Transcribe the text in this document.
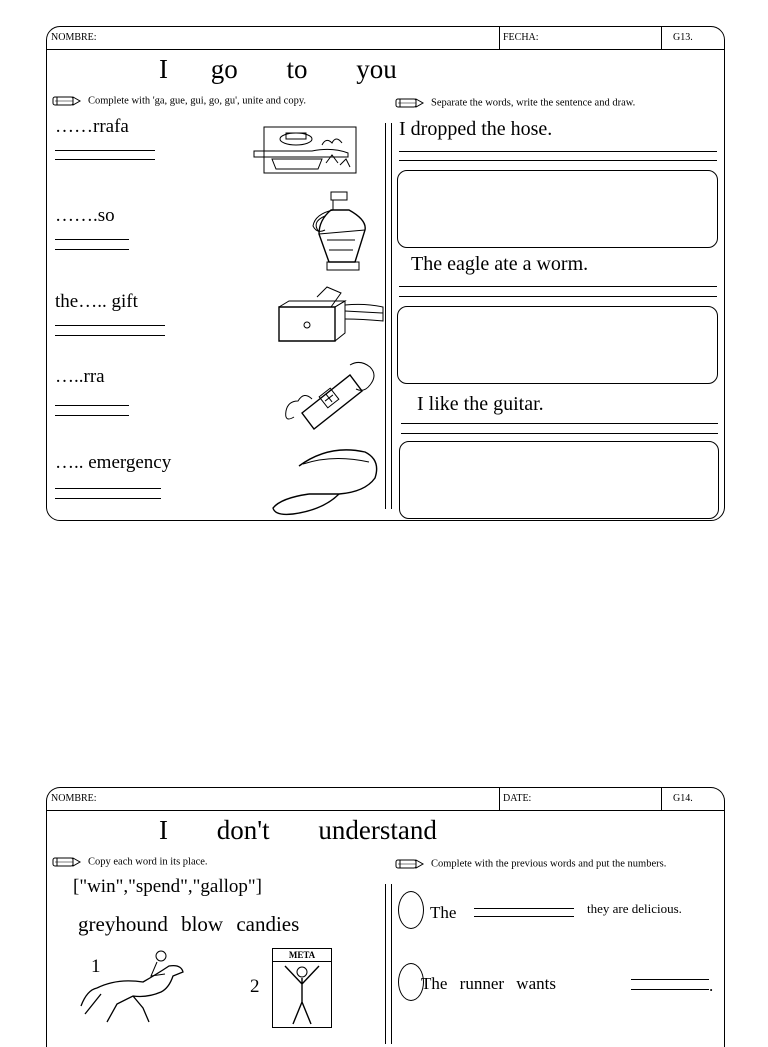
NOMBRE:	FECHA:	G13.
I go to you
Complete with 'ga, gue, gui, go, gu', unite and copy.	Separate the words, write the sentence and draw.
……rrafa
…….so
the….. gift
…..rra
….. emergency
I dropped the hose.
The eagle ate a worm.
I like the guitar.
NOMBRE:	DATE:	G14.
I don't understand
Copy each word in its place.	Complete with the previous words and put the numbers.
["win","spend","gallop"]
greyhound blow candies
1
2
META
The	they are delicious.
The runner wants	.
